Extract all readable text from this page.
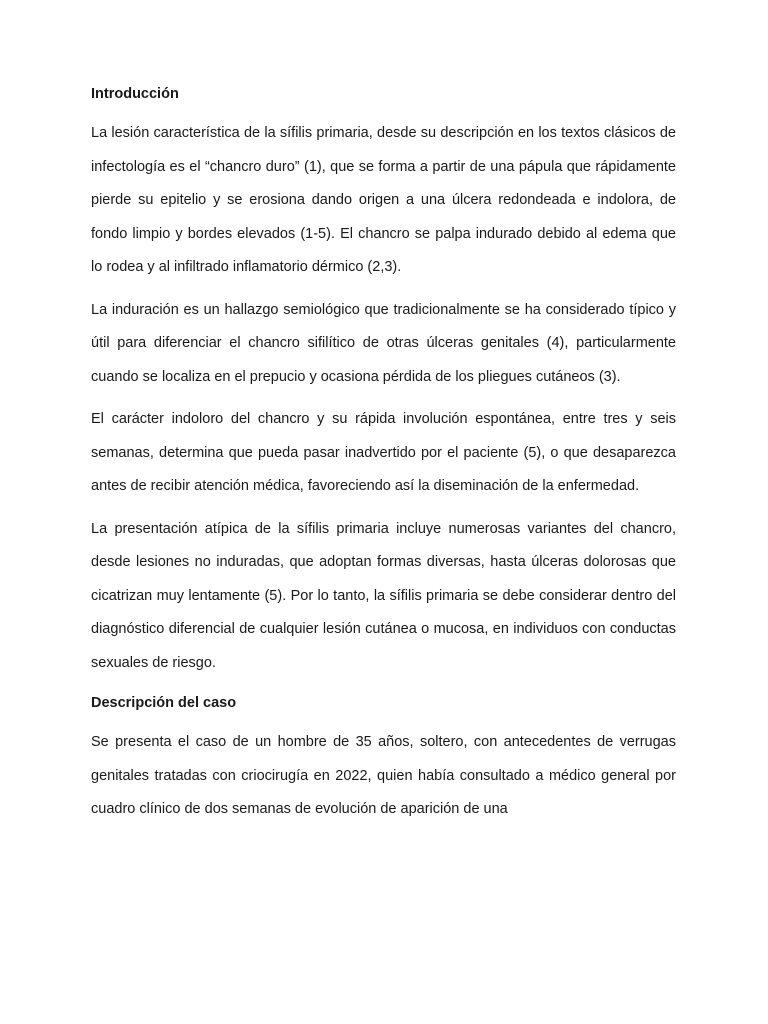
Introducción

La lesión característica de la sífilis primaria, desde su descripción en los textos clásicos de infectología es el “chancro duro” (1), que se forma a partir de una pápula que rápidamente pierde su epitelio y se erosiona dando origen a una úlcera redondeada e indolora, de fondo limpio y bordes elevados (1-5). El chancro se palpa indurado debido al edema que lo rodea y al infiltrado inflamatorio dérmico (2,3).

La induración es un hallazgo semiológico que tradicionalmente se ha considerado típico y útil para diferenciar el chancro sifilítico de otras úlceras genitales (4), particularmente cuando se localiza en el prepucio y ocasiona pérdida de los pliegues cutáneos (3).

El carácter indoloro del chancro y su rápida involución espontánea, entre tres y seis semanas, determina que pueda pasar inadvertido por el paciente (5), o que desaparezca antes de recibir atención médica, favoreciendo así la diseminación de la enfermedad.

La presentación atípica de la sífilis primaria incluye numerosas variantes del chancro, desde lesiones no induradas, que adoptan formas diversas, hasta úlceras dolorosas que cicatrizan muy lentamente (5). Por lo tanto, la sífilis primaria se debe considerar dentro del diagnóstico diferencial de cualquier lesión cutánea o mucosa, en individuos con conductas sexuales de riesgo.

Descripción del caso

Se presenta el caso de un hombre de 35 años, soltero, con antecedentes de verrugas genitales tratadas con criocirugía en 2022, quien había consultado a médico general por cuadro clínico de dos semanas de evolución de aparición de una
